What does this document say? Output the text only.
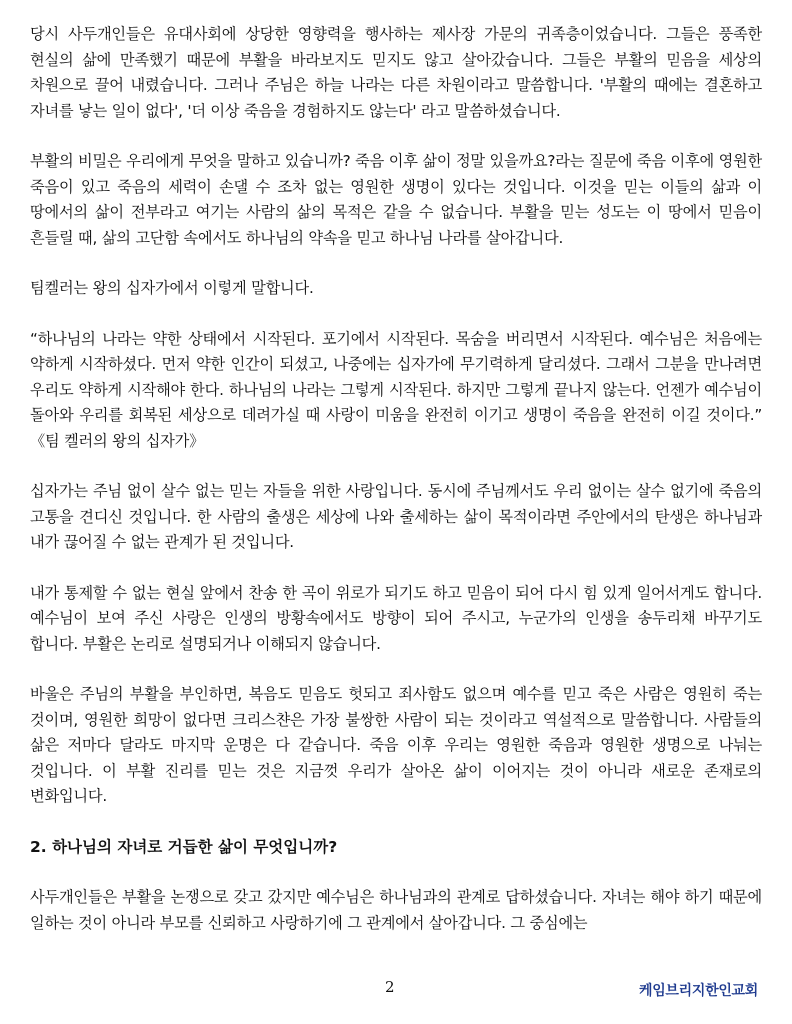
당시 사두개인들은 유대사회에 상당한 영향력을 행사하는 제사장 가문의 귀족층이었습니다. 그들은 풍족한 현실의 삶에 만족했기 때문에 부활을 바라보지도 믿지도 않고 살아갔습니다. 그들은 부활의 믿음을 세상의 차원으로 끌어 내렸습니다. 그러나 주님은 하늘 나라는 다른 차원이라고 말씀합니다. '부활의 때에는 결혼하고 자녀를 낳는 일이 없다', '더 이상 죽음을 경험하지도 않는다' 라고 말씀하셨습니다.

부활의 비밀은 우리에게 무엇을 말하고 있습니까? 죽음 이후 삶이 정말 있을까요?라는 질문에 죽음 이후에 영원한 죽음이 있고 죽음의 세력이 손댈 수 조차 없는 영원한 생명이 있다는 것입니다. 이것을 믿는 이들의 삶과 이 땅에서의 삶이 전부라고 여기는 사람의 삶의 목적은 같을 수 없습니다. 부활을 믿는 성도는 이 땅에서 믿음이 흔들릴 때, 삶의 고단함 속에서도 하나님의 약속을 믿고 하나님 나라를 살아갑니다.

팀켈러는 왕의 십자가에서 이렇게 말합니다.

“하나님의 나라는 약한 상태에서 시작된다. 포기에서 시작된다. 목숨을 버리면서 시작된다. 예수님은 처음에는 약하게 시작하셨다. 먼저 약한 인간이 되셨고, 나중에는 십자가에 무기력하게 달리셨다. 그래서 그분을 만나려면 우리도 약하게 시작해야 한다. 하나님의 나라는 그렇게 시작된다. 하지만 그렇게 끝나지 않는다. 언젠가 예수님이 돌아와 우리를 회복된 세상으로 데려가실 때 사랑이 미움을 완전히 이기고 생명이 죽음을 완전히 이길 것이다.” 《팀 켈러의 왕의 십자가》

십자가는 주님 없이 살수 없는 믿는 자들을 위한 사랑입니다. 동시에 주님께서도 우리 없이는 살수 없기에 죽음의 고통을 견디신 것입니다. 한 사람의 출생은 세상에 나와 출세하는 삶이 목적이라면 주안에서의 탄생은 하나님과 내가 끊어질 수 없는 관계가 된 것입니다.

내가 통제할 수 없는 현실 앞에서 찬송 한 곡이 위로가 되기도 하고 믿음이 되어 다시 힘 있게 일어서게도 합니다. 예수님이 보여 주신 사랑은 인생의 방황속에서도 방향이 되어 주시고, 누군가의 인생을 송두리채 바꾸기도 합니다. 부활은 논리로 설명되거나 이해되지 않습니다.

바울은 주님의 부활을 부인하면, 복음도 믿음도 헛되고 죄사함도 없으며 예수를 믿고 죽은 사람은 영원히 죽는 것이며, 영원한 희망이 없다면 크리스챤은 가장 불쌍한 사람이 되는 것이라고 역설적으로 말씀합니다. 사람들의 삶은 저마다 달라도 마지막 운명은 다 같습니다. 죽음 이후 우리는 영원한 죽음과 영원한 생명으로 나눠는 것입니다. 이 부활 진리를 믿는 것은 지금껏 우리가 살아온 삶이 이어지는 것이 아니라 새로운 존재로의 변화입니다.

2. 하나님의 자녀로 거듭한 삶이 무엇입니까?

사두개인들은 부활을 논쟁으로 갖고 갔지만 예수님은 하나님과의 관계로 답하셨습니다. 자녀는 해야 하기 때문에 일하는 것이 아니라 부모를 신뢰하고 사랑하기에 그 관계에서 살아갑니다. 그 중심에는

2	케임브리지한인교회
